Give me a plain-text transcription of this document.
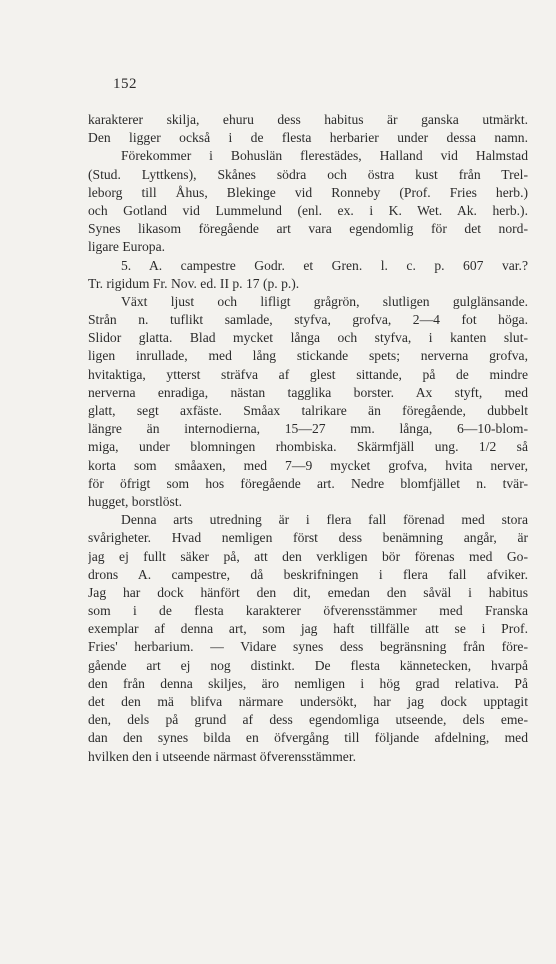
152
karakterer skilja, ehuru dess habitus är ganska utmärkt.
Den ligger också i de flesta herbarier under dessa namn.
Förekommer i Bohuslän flerestädes, Halland vid Halmstad
(Stud. Lyttkens), Skånes södra och östra kust från Trel-
leborg till Åhus, Blekinge vid Ronneby (Prof. Fries herb.)
och Gotland vid Lummelund (enl. ex. i K. Wet. Ak. herb.).
Synes likasom föregående art vara egendomlig för det nord-
ligare Europa.
5. A. campestre Godr. et Gren. l. c. p. 607 var.?
Tr. rigidum Fr. Nov. ed. II p. 17 (p. p.).
Växt ljust och lifligt grågrön, slutligen gulglänsande.
Strån n. tuflikt samlade, styfva, grofva, 2—4 fot höga.
Slidor glatta. Blad mycket långa och styfva, i kanten slut-
ligen inrullade, med lång stickande spets; nerverna grofva,
hvitaktiga, ytterst sträfva af glest sittande, på de mindre
nerverna enradiga, nästan tagglika borster. Ax styft, med
glatt, segt axfäste. Småax talrikare än föregående, dubbelt
längre än internodierna, 15—27 mm. långa, 6—10-blom-
miga, under blomningen rhombiska. Skärmfjäll ung. 1/2 så
korta som småaxen, med 7—9 mycket grofva, hvita nerver,
för öfrigt som hos föregående art. Nedre blomfjället n. tvär-
hugget, borstlöst.
Denna arts utredning är i flera fall förenad med stora
svårigheter. Hvad nemligen först dess benämning angår, är
jag ej fullt säker på, att den verkligen bör förenas med Go-
drons A. campestre, då beskrifningen i flera fall afviker.
Jag har dock hänfört den dit, emedan den såväl i habitus
som i de flesta karakterer öfverensstämmer med Franska
exemplar af denna art, som jag haft tillfälle att se i Prof.
Fries' herbarium. — Vidare synes dess begränsning från före-
gående art ej nog distinkt. De flesta kännetecken, hvarpå
den från denna skiljes, äro nemligen i hög grad relativa. På
det den mä blifva närmare undersökt, har jag dock upptagit
den, dels på grund af dess egendomliga utseende, dels eme-
dan den synes bilda en öfvergång till följande afdelning, med
hvilken den i utseende närmast öfverensstämmer.
